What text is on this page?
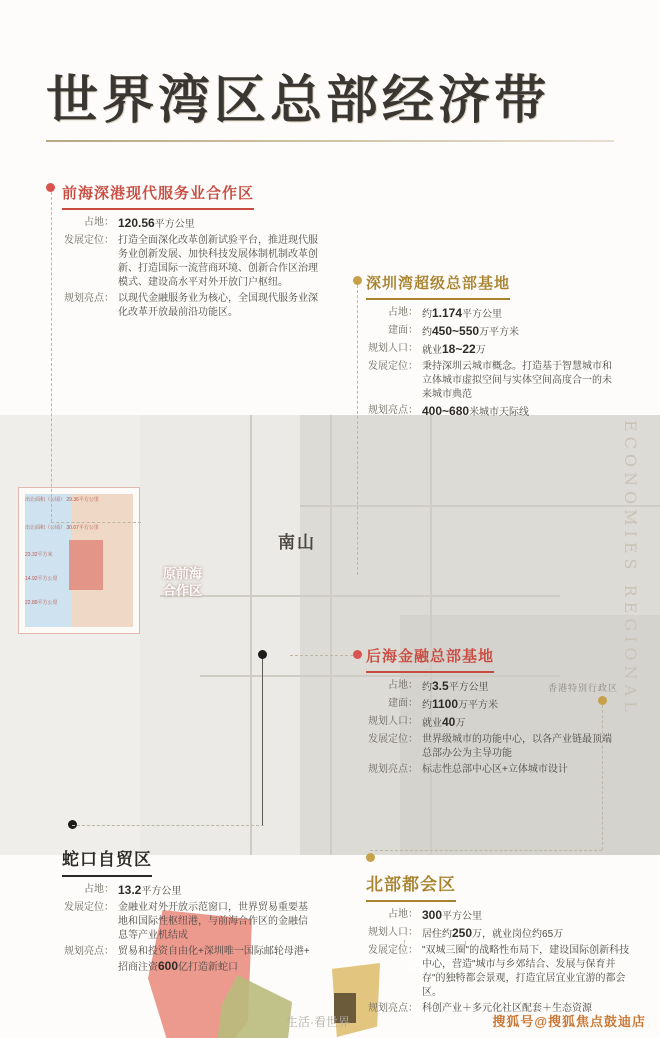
世界湾区总部经济带
原前海
合作区
南山
香港特别行政区 ECONOMIES REGIONAL
出让面积（公顷） 29.36平方公里
出让面积（公顷） 30.07平方公里
23.32平方米
14.92平方公里
22.89平方公里
前海深港现代服务业合作区
占地： 120.56平方公里
发展定位： 打造全面深化改革创新试验平台，推进现代服务业创新发展、加快科技发展体制机制改革创新、打造国际一流营商环境、创新合作区治理模式、建设高水平对外开放门户枢纽。
规划亮点： 以现代金融服务业为核心，全国现代服务业深化改革开放最前沿功能区。
深圳湾超级总部基地
占地： 约1.174平方公里
建面： 约450~550万平方米
规划人口： 就业18~22万
发展定位： 秉持深圳云城市概念。打造基于智慧城市和立体城市虚拟空间与实体空间高度合一的未来城市典范
规划亮点： 400~680米城市天际线
后海金融总部基地
占地： 约3.5平方公里
建面： 约1100万平方米
规划人口： 就业40万
发展定位： 世界级城市的功能中心，以各产业链最顶端总部办公为主导功能
规划亮点： 标志性总部中心区+立体城市设计
蛇口自贸区
占地： 13.2平方公里
发展定位： 金融业对外开放示范窗口，世界贸易重要基地和国际性枢纽港，与前海合作区的金融信息等产业机结成
规划亮点： 贸易和投资自由化+深圳唯一国际邮轮母港+
招商注资600亿打造新蛇口
北部都会区
占地： 300平方公里
规划人口： 居住约250万，就业岗位约65万
发展定位： "双城三圈"的战略性布局下，建设国际创新科技中心，营造"城市与乡郊结合、发展与保育并存"的独特都会景观，打造宜居宜业宜游的都会区。
规划亮点： 科创产业＋多元化社区配套＋生态资源
生活·看世界	搜狐号@搜狐焦点鼓迪店
